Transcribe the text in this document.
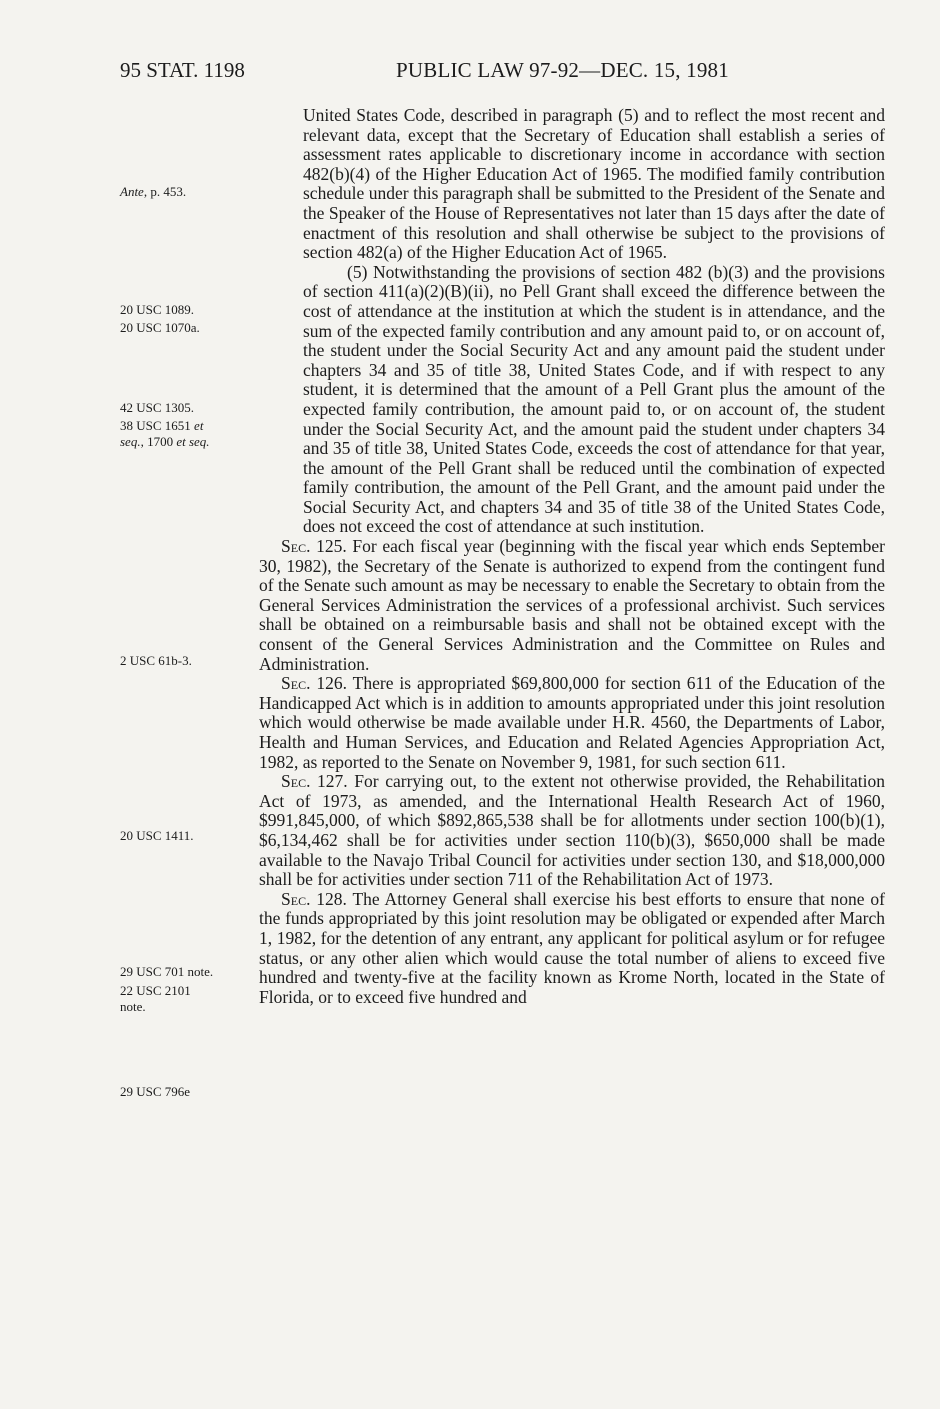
95 STAT. 1198	PUBLIC LAW 97-92—DEC. 15, 1981
Ante, p. 453.
20 USC 1089.
20 USC 1070a.
42 USC 1305.
38 USC 1651 et
seq., 1700 et seq.
2 USC 61b-3.
20 USC 1411.
29 USC 701 note.
22 USC 2101
note.
29 USC 796e

United States Code, described in paragraph (5) and to reflect the most recent and relevant data, except that the Secretary of Education shall establish a series of assessment rates applicable to discretionary income in accordance with section 482(b)(4) of the Higher Education Act of 1965. The modified family contribution schedule under this paragraph shall be submitted to the President of the Senate and the Speaker of the House of Representatives not later than 15 days after the date of enactment of this resolution and shall otherwise be subject to the provisions of section 482(a) of the Higher Education Act of 1965.

(5) Notwithstanding the provisions of section 482 (b)(3) and the provisions of section 411(a)(2)(B)(ii), no Pell Grant shall exceed the difference between the cost of attendance at the institution at which the student is in attendance, and the sum of the expected family contribution and any amount paid to, or on account of, the student under the Social Security Act and any amount paid the student under chapters 34 and 35 of title 38, United States Code, and if with respect to any student, it is determined that the amount of a Pell Grant plus the amount of the expected family contribution, the amount paid to, or on account of, the student under the Social Security Act, and the amount paid the student under chapters 34 and 35 of title 38, United States Code, exceeds the cost of attendance for that year, the amount of the Pell Grant shall be reduced until the combination of expected family contribution, the amount of the Pell Grant, and the amount paid under the Social Security Act, and chapters 34 and 35 of title 38 of the United States Code, does not exceed the cost of attendance at such institution.

Sec. 125. For each fiscal year (beginning with the fiscal year which ends September 30, 1982), the Secretary of the Senate is authorized to expend from the contingent fund of the Senate such amount as may be necessary to enable the Secretary to obtain from the General Services Administration the services of a professional archivist. Such services shall be obtained on a reimbursable basis and shall not be obtained except with the consent of the General Services Administration and the Committee on Rules and Administration.

Sec. 126. There is appropriated $69,800,000 for section 611 of the Education of the Handicapped Act which is in addition to amounts appropriated under this joint resolution which would otherwise be made available under H.R. 4560, the Departments of Labor, Health and Human Services, and Education and Related Agencies Appropriation Act, 1982, as reported to the Senate on November 9, 1981, for such section 611.

Sec. 127. For carrying out, to the extent not otherwise provided, the Rehabilitation Act of 1973, as amended, and the International Health Research Act of 1960, $991,845,000, of which $892,865,538 shall be for allotments under section 100(b)(1), $6,134,462 shall be for activities under section 110(b)(3), $650,000 shall be made available to the Navajo Tribal Council for activities under section 130, and $18,000,000 shall be for activities under section 711 of the Rehabilitation Act of 1973.

Sec. 128. The Attorney General shall exercise his best efforts to ensure that none of the funds appropriated by this joint resolution may be obligated or expended after March 1, 1982, for the detention of any entrant, any applicant for political asylum or for refugee status, or any other alien which would cause the total number of aliens to exceed five hundred and twenty-five at the facility known as Krome North, located in the State of Florida, or to exceed five hundred and
